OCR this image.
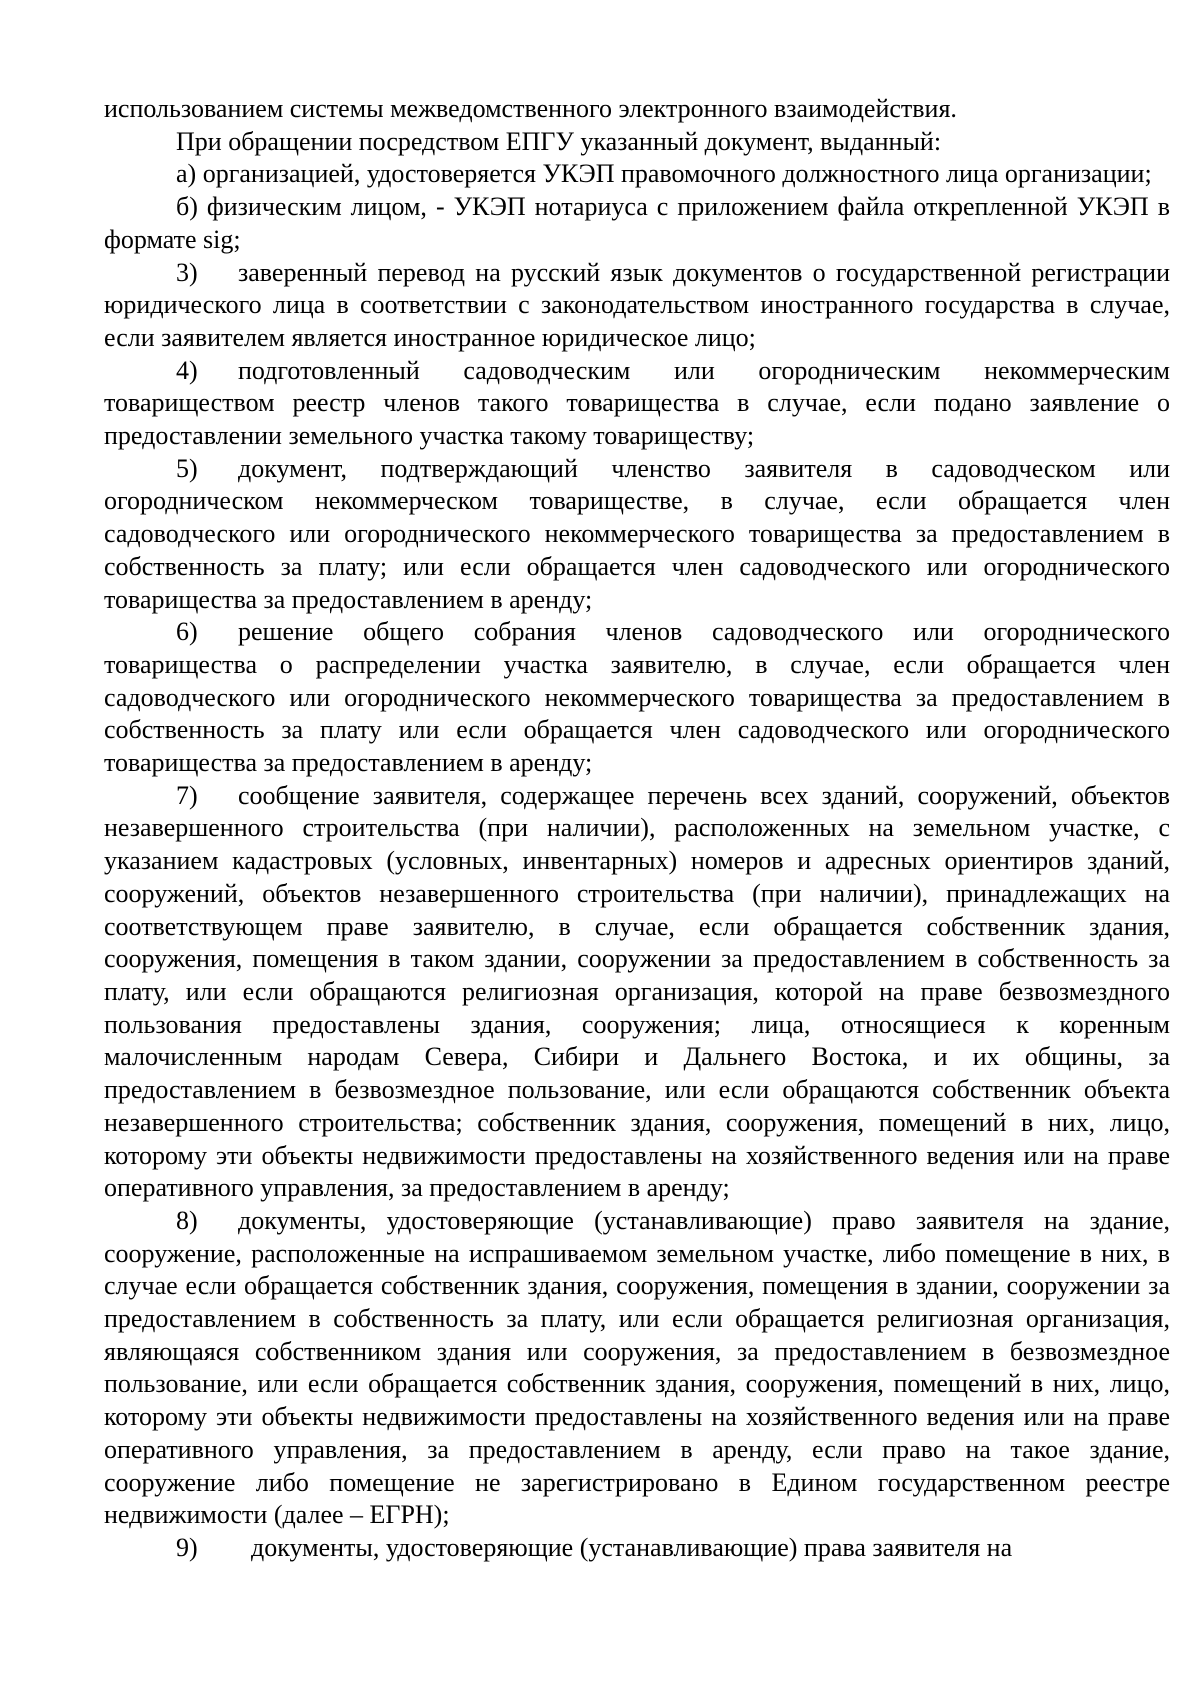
использованием системы межведомственного электронного взаимодействия.

При обращении посредством ЕПГУ указанный документ, выданный:

а) организацией, удостоверяется УКЭП правомочного должностного лица организации;

б) физическим лицом, - УКЭП нотариуса с приложением файла открепленной УКЭП в формате sig;

3) заверенный перевод на русский язык документов о государственной регистрации юридического лица в соответствии с законодательством иностранного государства в случае, если заявителем является иностранное юридическое лицо;

4) подготовленный садоводческим или огородническим некоммерческим товариществом реестр членов такого товарищества в случае, если подано заявление о предоставлении земельного участка такому товариществу;

5) документ, подтверждающий членство заявителя в садоводческом или огородническом некоммерческом товариществе, в случае, если обращается член садоводческого или огороднического некоммерческого товарищества за предоставлением в собственность за плату; или если обращается член садоводческого или огороднического товарищества за предоставлением в аренду;

6) решение общего собрания членов садоводческого или огороднического товарищества о распределении участка заявителю, в случае, если обращается член садоводческого или огороднического некоммерческого товарищества за предоставлением в собственность за плату или если обращается член садоводческого или огороднического товарищества за предоставлением в аренду;

7) сообщение заявителя, содержащее перечень всех зданий, сооружений, объектов незавершенного строительства (при наличии), расположенных на земельном участке, с указанием кадастровых (условных, инвентарных) номеров и адресных ориентиров зданий, сооружений, объектов незавершенного строительства (при наличии), принадлежащих на соответствующем праве заявителю, в случае, если обращается собственник здания, сооружения, помещения в таком здании, сооружении за предоставлением в собственность за плату, или если обращаются религиозная организация, которой на праве безвозмездного пользования предоставлены здания, сооружения; лица, относящиеся к коренным малочисленным народам Севера, Сибири и Дальнего Востока, и их общины, за предоставлением в безвозмездное пользование, или если обращаются собственник объекта незавершенного строительства; собственник здания, сооружения, помещений в них, лицо, которому эти объекты недвижимости предоставлены на хозяйственного ведения или на праве оперативного управления, за предоставлением в аренду;

8) документы, удостоверяющие (устанавливающие) право заявителя на здание, сооружение, расположенные на испрашиваемом земельном участке, либо помещение в них, в случае если обращается собственник здания, сооружения, помещения в здании, сооружении за предоставлением в собственность за плату, или если обращается религиозная организация, являющаяся собственником здания или сооружения, за предоставлением в безвозмездное пользование, или если обращается собственник здания, сооружения, помещений в них, лицо, которому эти объекты недвижимости предоставлены на хозяйственного ведения или на праве оперативного управления, за предоставлением в аренду, если право на такое здание, сооружение либо помещение не зарегистрировано в Едином государственном реестре недвижимости (далее – ЕГРН);

9) документы, удостоверяющие (устанавливающие) права заявителя на
